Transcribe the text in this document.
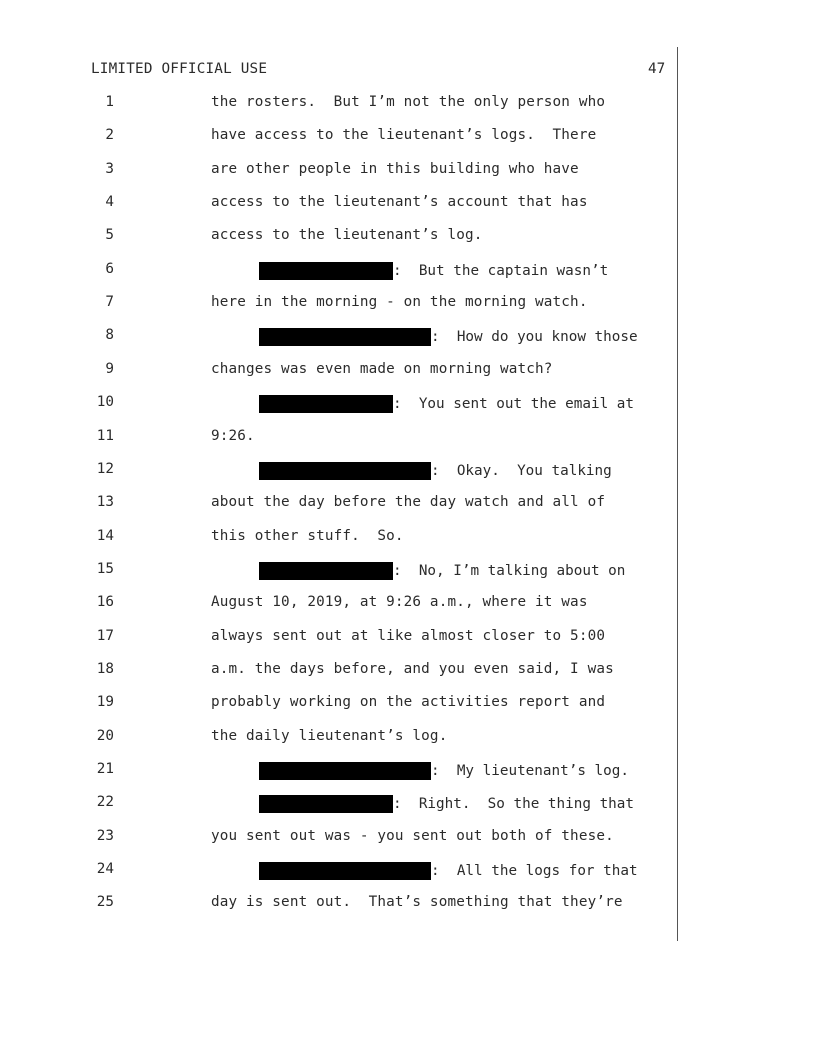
LIMITED OFFICIAL USE	47
1	the rosters.  But I’m not the only person who
2	have access to the lieutenant’s logs.  There
3	are other people in this building who have
4	access to the lieutenant’s account that has
5	access to the lieutenant’s log.
6	:  But the captain wasn’t
7	here in the morning - on the morning watch.
8	:  How do you know those
9	changes was even made on morning watch?
10	:  You sent out the email at
11	9:26.
12	:  Okay.  You talking
13	about the day before the day watch and all of
14	this other stuff.  So.
15	:  No, I’m talking about on
16	August 10, 2019, at 9:26 a.m., where it was
17	always sent out at like almost closer to 5:00
18	a.m. the days before, and you even said, I was
19	probably working on the activities report and
20	the daily lieutenant’s log.
21	:  My lieutenant’s log.
22	:  Right.  So the thing that
23	you sent out was - you sent out both of these.
24	:  All the logs for that
25	day is sent out.  That’s something that they’re
